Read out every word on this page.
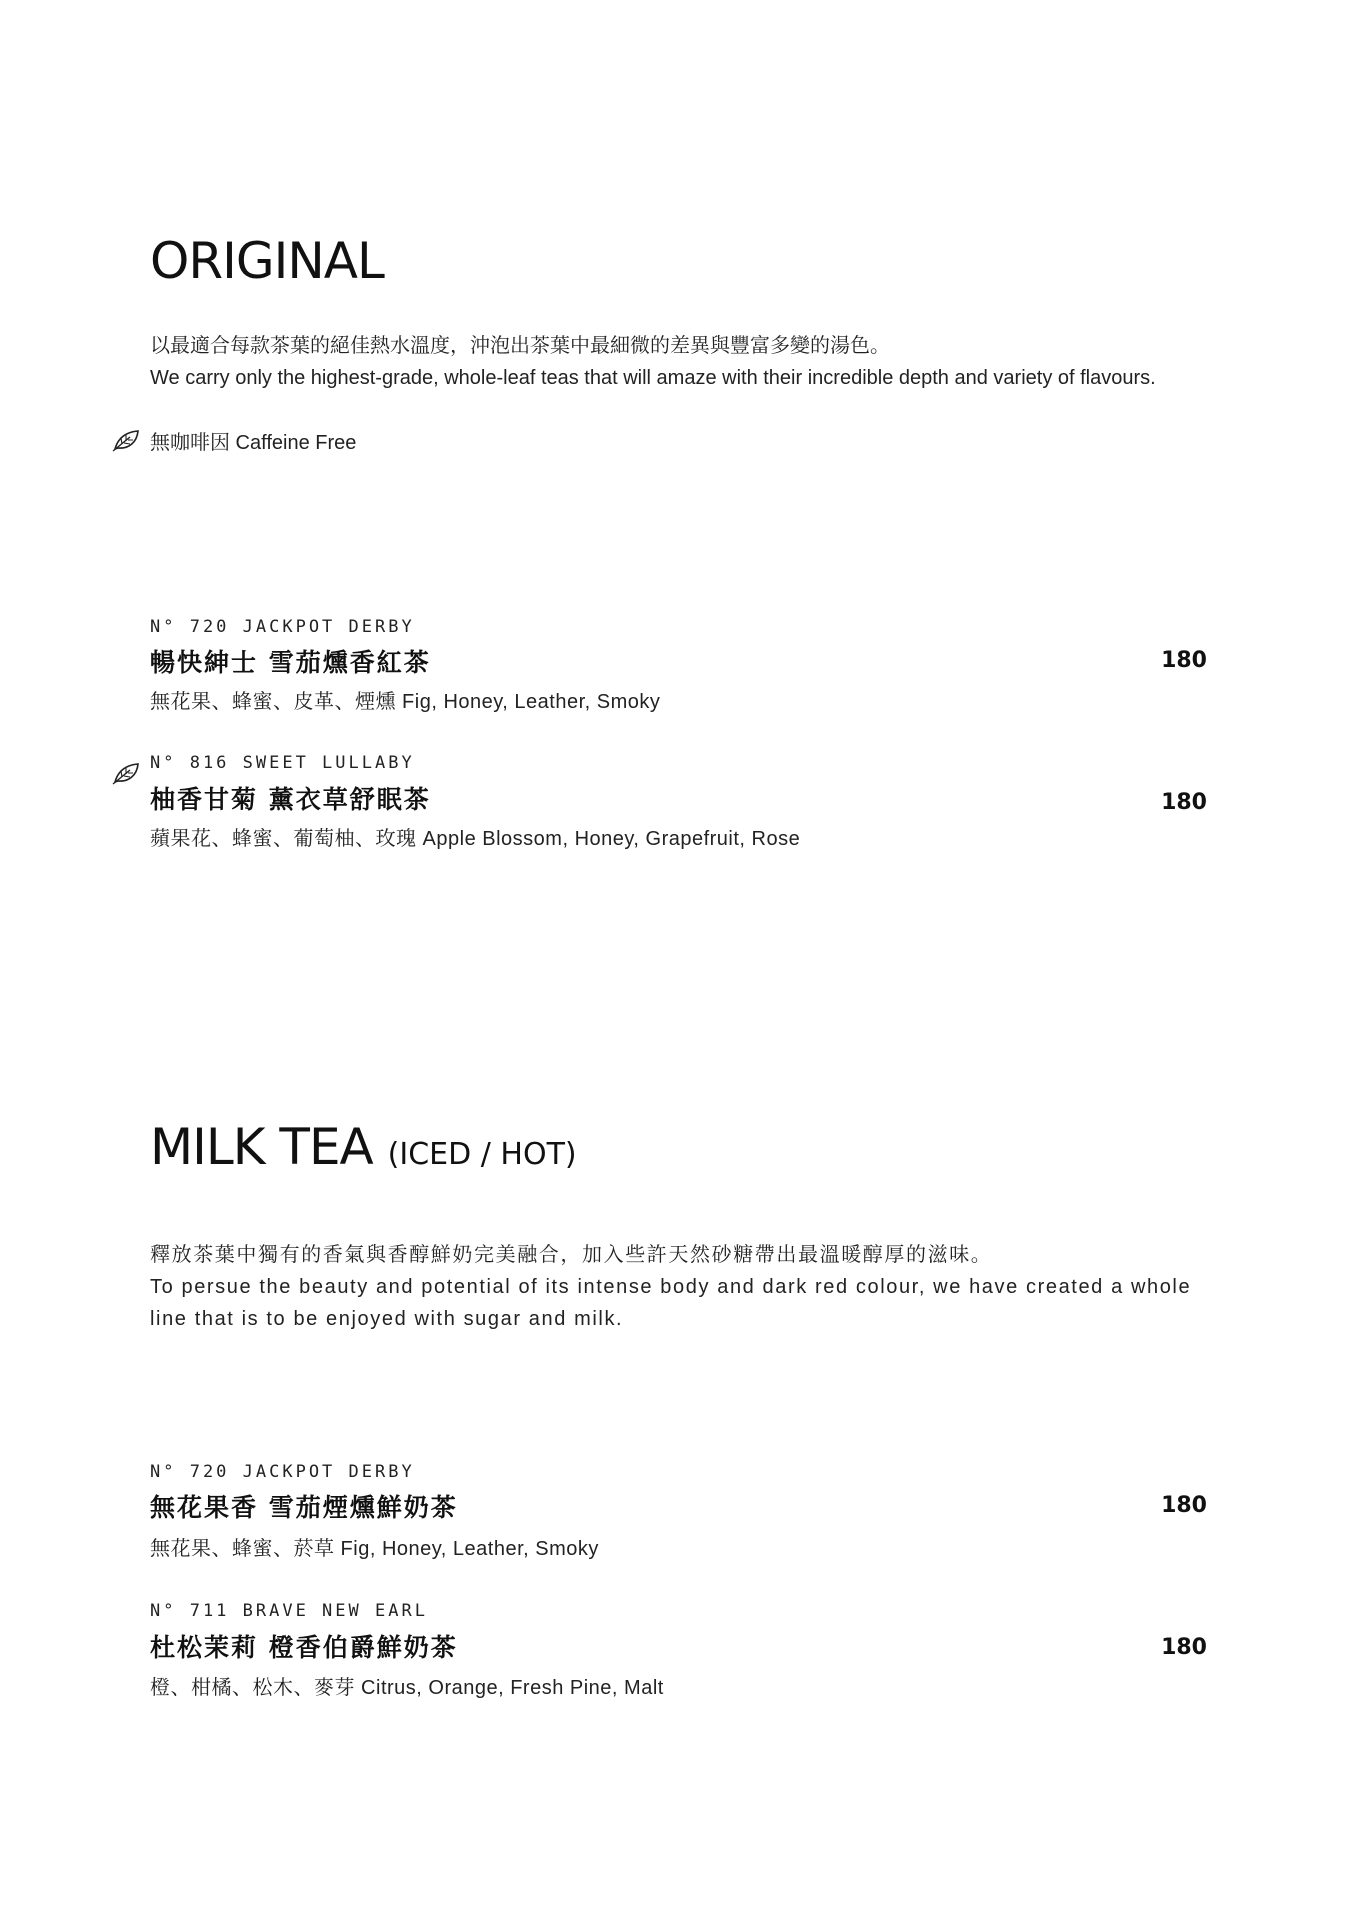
ORIGINAL
以最適合每款茶葉的絕佳熱水溫度，沖泡出茶葉中最細微的差異與豐富多變的湯色。
We carry only the highest-grade, whole-leaf teas that will amaze with their incredible depth and variety of flavours.
無咖啡因 Caffeine Free
N° 720 JACKPOT DERBY
暢快紳士 雪茄燻香紅茶	180
無花果、蜂蜜、皮革、煙燻 Fig, Honey, Leather, Smoky
N° 816 SWEET LULLABY
柚香甘菊 薰衣草舒眠茶	180
蘋果花、蜂蜜、葡萄柚、玫瑰 Apple Blossom, Honey, Grapefruit, Rose
MILK TEA (ICED / HOT)
釋放茶葉中獨有的香氣與香醇鮮奶完美融合，加入些許天然砂糖帶出最溫暖醇厚的滋味。
To persue the beauty and potential of its intense body and dark red colour, we have created a whole line that is to be enjoyed with sugar and milk.
N° 720 JACKPOT DERBY
無花果香 雪茄煙燻鮮奶茶	180
無花果、蜂蜜、菸草 Fig, Honey, Leather, Smoky
N° 711 BRAVE NEW EARL
杜松茉莉 橙香伯爵鮮奶茶	180
橙、柑橘、松木、麥芽 Citrus, Orange, Fresh Pine, Malt
